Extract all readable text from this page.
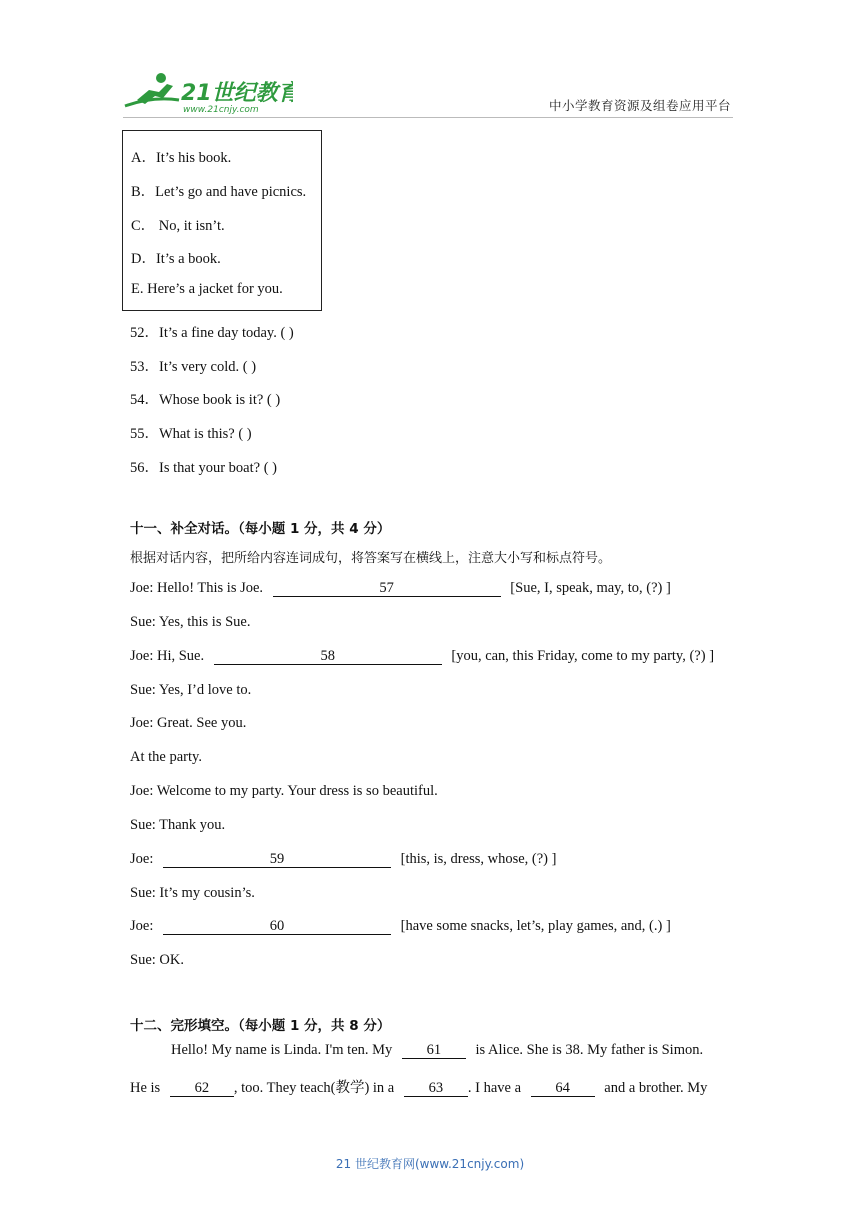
21世纪教育
www.21cnjy.com	中小学教育资源及组卷应用平台
A．It’s his book.
B．Let’s go and have picnics.
C． No, it isn’t.
D．It’s a book.
E. Here’s a jacket for you.
52．It’s a fine day today. ( )
53．It’s very cold. ( )
54．Whose book is it? ( )
55．What is this? ( )
56．Is that your boat? ( )
十一、补全对话。（每小题 1 分，共 4 分）
根据对话内容，把所给内容连词成句，将答案写在横线上，注意大小写和标点符号。
Joe: Hello! This is Joe.	57	[Sue, I, speak, may, to, (?) ]
Sue: Yes, this is Sue.
Joe: Hi, Sue.	58	[you, can, this Friday, come to my party, (?) ]
Sue: Yes, I’d love to.
Joe: Great. See you.
At the party.
Joe: Welcome to my party. Your dress is so beautiful.
Sue: Thank you.
Joe:	59	[this, is, dress, whose, (?) ]
Sue: It’s my cousin’s.
Joe:	60	[have some snacks, let’s, play games, and, (.) ]
Sue: OK.
十二、完形填空。（每小题 1 分，共 8 分）
Hello! My name is Linda. I'm ten. My 61 is Alice. She is 38. My father is Simon.
He is 62 , too. They teach(教学) in a 63 . I have a 64 and a brother. My
21 世纪教育网(www.21cnjy.com)
